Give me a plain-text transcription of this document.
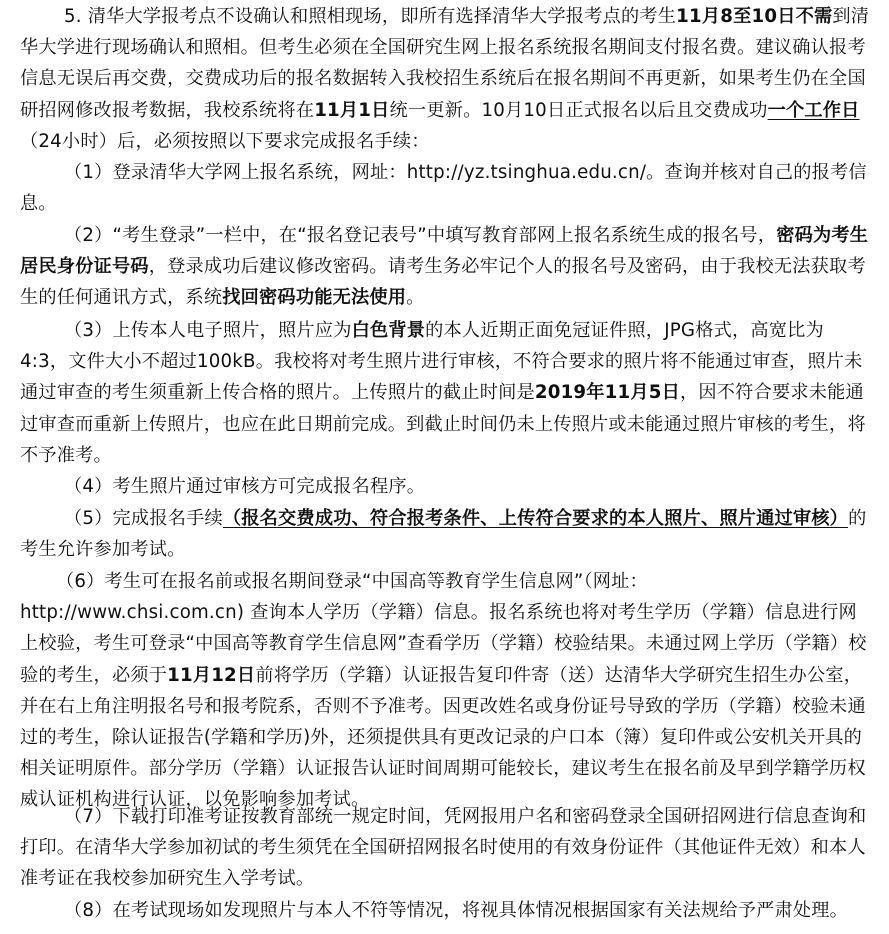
5. 清华大学报考点不设确认和照相现场，即所有选择清华大学报考点的考生11月8至10日不需到清华大学进行现场确认和照相。但考生必须在全国研究生网上报名系统报名期间支付报名费。建议确认报考信息无误后再交费，交费成功后的报名数据转入我校招生系统后在报名期间不再更新，如果考生仍在全国研招网修改报考数据，我校系统将在11月1日统一更新。10月10日正式报名以后且交费成功一个工作日（24小时）后，必须按照以下要求完成报名手续：

（1）登录清华大学网上报名系统，网址：http://yz.tsinghua.edu.cn/。查询并核对自己的报考信息。

（2）“考生登录”一栏中，在“报名登记表号”中填写教育部网上报名系统生成的报名号，密码为考生居民身份证号码，登录成功后建议修改密码。请考生务必牢记个人的报名号及密码，由于我校无法获取考生的任何通讯方式，系统找回密码功能无法使用。

（3）上传本人电子照片，照片应为白色背景的本人近期正面免冠证件照，JPG格式，高宽比为4:3，文件大小不超过100kB。我校将对考生照片进行审核，不符合要求的照片将不能通过审查，照片未通过审查的考生须重新上传合格的照片。上传照片的截止时间是2019年11月5日，因不符合要求未能通过审查而重新上传照片，也应在此日期前完成。到截止时间仍未上传照片或未能通过照片审核的考生，将不予准考。

（4）考生照片通过审核方可完成报名程序。

（5）完成报名手续（报名交费成功、符合报考条件、上传符合要求的本人照片、照片通过审核）的考生允许参加考试。

（6）考生可在报名前或报名期间登录“中国高等教育学生信息网”（网址：http://www.chsi.com.cn) 查询本人学历（学籍）信息。报名系统也将对考生学历（学籍）信息进行网上校验，考生可登录“中国高等教育学生信息网”查看学历（学籍）校验结果。未通过网上学历（学籍）校验的考生，必须于11月12日前将学历（学籍）认证报告复印件寄（送）达清华大学研究生招生办公室，并在右上角注明报名号和报考院系，否则不予准考。因更改姓名或身份证号导致的学历（学籍）校验未通过的考生，除认证报告(学籍和学历)外，还须提供具有更改记录的户口本（簿）复印件或公安机关开具的相关证明原件。部分学历（学籍）认证报告认证时间周期可能较长，建议考生在报名前及早到学籍学历权威认证机构进行认证，以免影响参加考试。

（7）下载打印准考证按教育部统一规定时间，凭网报用户名和密码登录全国研招网进行信息查询和打印。在清华大学参加初试的考生须凭在全国研招网报名时使用的有效身份证件（其他证件无效）和本人准考证在我校参加研究生入学考试。

（8）在考试现场如发现照片与本人不符等情况，将视具体情况根据国家有关法规给予严肃处理。
